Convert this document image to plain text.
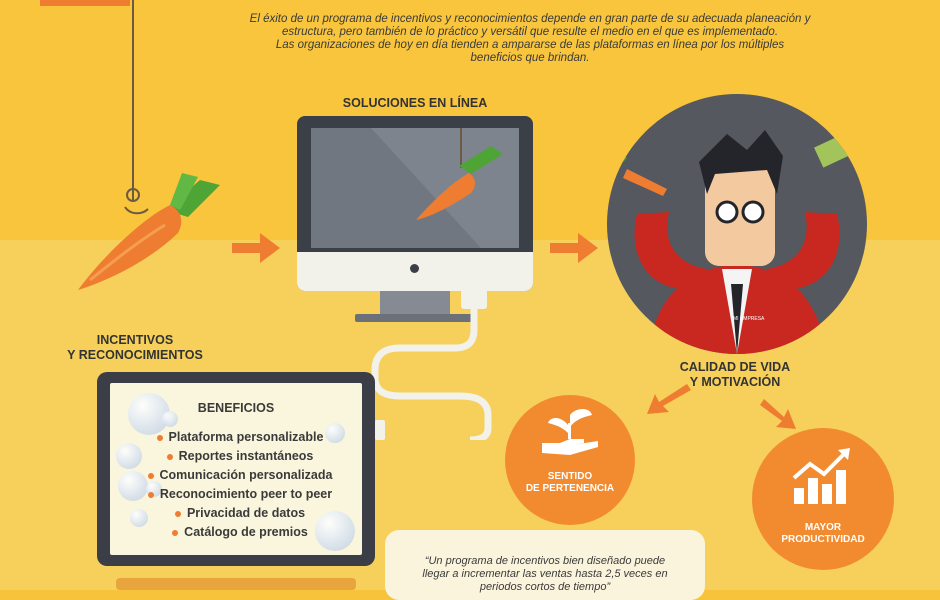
El éxito de un programa de incentivos y reconocimientos depende en gran parte de su adecuada planeación y
estructura, pero también de lo práctico y versátil que resulte el medio en el que es implementado.
Las organizaciones de hoy en día tienden a ampararse de las plataformas en línea por los múltiples
beneficios que brindan.

INCENTIVOS
Y RECONOCIMIENTOS
SOLUCIONES EN LÍNEA
MI EMPRESA
CALIDAD DE VIDA
Y MOTIVACIÓN
SENTIDO
DE PERTENENCIA
MAYOR
PRODUCTIVIDAD
BENEFICIOS
Plataforma personalizable
Reportes instantáneos
Comunicación personalizada
Reconocimiento peer to peer
Privacidad de datos
Catálogo de premios

“Un programa de incentivos bien diseñado puede
llegar a incrementar las ventas hasta 2,5 veces en
periodos cortos de tiempo”
